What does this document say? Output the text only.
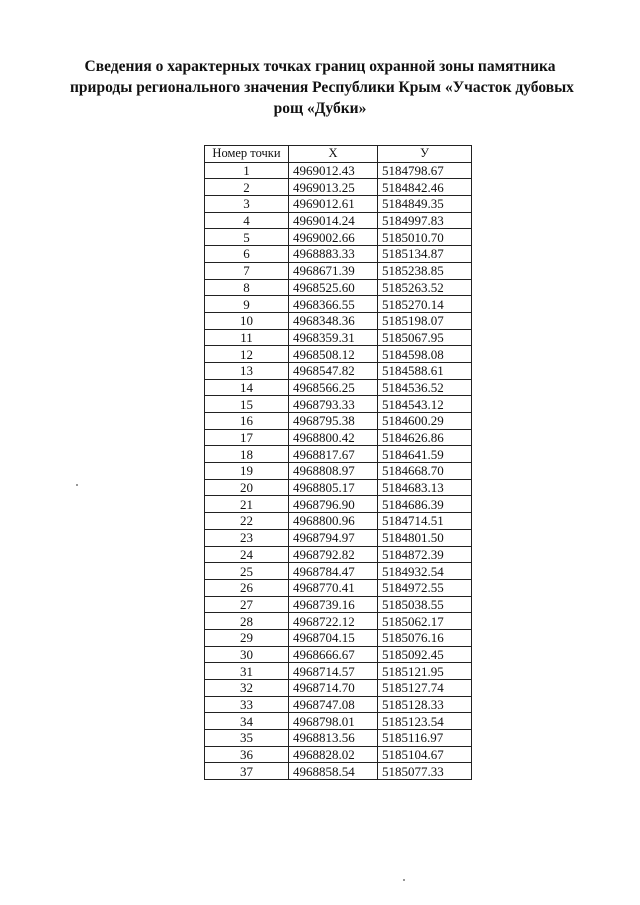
Сведения о характерных точках границ охранной зоны памятника
природы регионального значения Республики Крым «Участок дубовых
рощ «Дубки»
Номер точки	X	У
1	4969012.43	5184798.67
2	4969013.25	5184842.46
3	4969012.61	5184849.35
4	4969014.24	5184997.83
5	4969002.66	5185010.70
6	4968883.33	5185134.87
7	4968671.39	5185238.85
8	4968525.60	5185263.52
9	4968366.55	5185270.14
10	4968348.36	5185198.07
11	4968359.31	5185067.95
12	4968508.12	5184598.08
13	4968547.82	5184588.61
14	4968566.25	5184536.52
15	4968793.33	5184543.12
16	4968795.38	5184600.29
17	4968800.42	5184626.86
18	4968817.67	5184641.59
19	4968808.97	5184668.70
20	4968805.17	5184683.13
21	4968796.90	5184686.39
22	4968800.96	5184714.51
23	4968794.97	5184801.50
24	4968792.82	5184872.39
25	4968784.47	5184932.54
26	4968770.41	5184972.55
27	4968739.16	5185038.55
28	4968722.12	5185062.17
29	4968704.15	5185076.16
30	4968666.67	5185092.45
31	4968714.57	5185121.95
32	4968714.70	5185127.74
33	4968747.08	5185128.33
34	4968798.01	5185123.54
35	4968813.56	5185116.97
36	4968828.02	5185104.67
37	4968858.54	5185077.33
